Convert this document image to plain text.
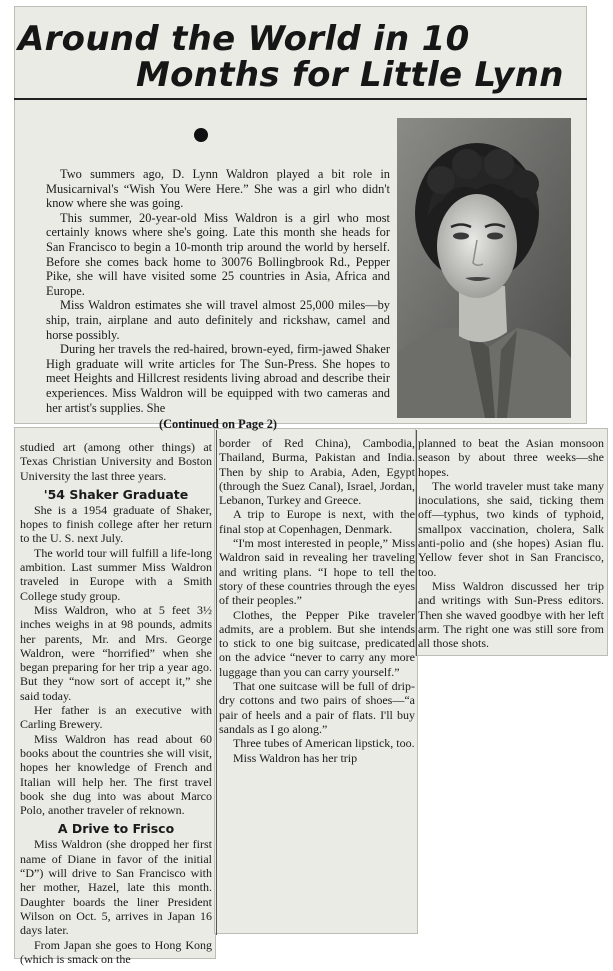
Around the World in 10
Months for Little Lynn

Two summers ago, D. Lynn Waldron played a bit role in Musicarnival's “Wish You Were Here.” She was a girl who didn't know where she was going.

This summer, 20-year-old Miss Waldron is a girl who most certainly knows where she's going. Late this month she heads for San Francisco to begin a 10-month trip around the world by herself. Before she comes back home to 30076 Bollingbrook Rd., Pepper Pike, she will have visited some 25 countries in Asia, Africa and Europe.

Miss Waldron estimates she will travel almost 25,000 miles—by ship, train, airplane and auto definitely and rickshaw, camel and horse possibly.

During her travels the red-haired, brown-eyed, firm-jawed Shaker High graduate will write articles for The Sun-Press. She hopes to meet Heights and Hillcrest residents living abroad and describe their experiences. Miss Waldron will be equipped with two cameras and her artist's supplies. She

(Continued on Page 2)

studied art (among other things) at Texas Christian University and Boston University the last three years.

'54 Shaker Graduate

She is a 1954 graduate of Shaker, hopes to finish college after her return to the U. S. next July.

The world tour will fulfill a life-long ambition. Last summer Miss Waldron traveled in Europe with a Smith College study group.

Miss Waldron, who at 5 feet 3½ inches weighs in at 98 pounds, admits her parents, Mr. and Mrs. George Waldron, were “horrified” when she began preparing for her trip a year ago. But they “now sort of accept it,” she said today.

Her father is an executive with Carling Brewery.

Miss Waldron has read about 60 books about the countries she will visit, hopes her knowledge of French and Italian will help her. The first travel book she dug into was about Marco Polo, another traveler of reknown.

A Drive to Frisco

Miss Waldron (she dropped her first name of Diane in favor of the initial “D”) will drive to San Francisco with her mother, Hazel, late this month. Daughter boards the liner President Wilson on Oct. 5, arrives in Japan 16 days later.

From Japan she goes to Hong Kong (which is smack on the

border of Red China), Cambodia, Thailand, Burma, Pakistan and India. Then by ship to Arabia, Aden, Egypt (through the Suez Canal), Israel, Jordan, Lebanon, Turkey and Greece.

A trip to Europe is next, with the final stop at Copenhagen, Denmark.

“I'm most interested in people,” Miss Waldron said in revealing her traveling and writing plans. “I hope to tell the story of these countries through the eyes of their peoples.”

Clothes, the Pepper Pike traveler admits, are a problem. But she intends to stick to one big suitcase, predicated on the advice “never to carry any more luggage than you can carry yourself.”

That one suitcase will be full of drip-dry cottons and two pairs of shoes—“a pair of heels and a pair of flats. I'll buy sandals as I go along.”

Three tubes of American lipstick, too.

Miss Waldron has her trip

planned to beat the Asian monsoon season by about three weeks—she hopes.

The world traveler must take many inoculations, she said, ticking them off—typhus, two kinds of typhoid, smallpox vaccination, cholera, Salk anti-polio and (she hopes) Asian flu. Yellow fever shot in San Francisco, too.

Miss Waldron discussed her trip and writings with Sun-Press editors. Then she waved goodbye with her left arm. The right one was still sore from all those shots.
